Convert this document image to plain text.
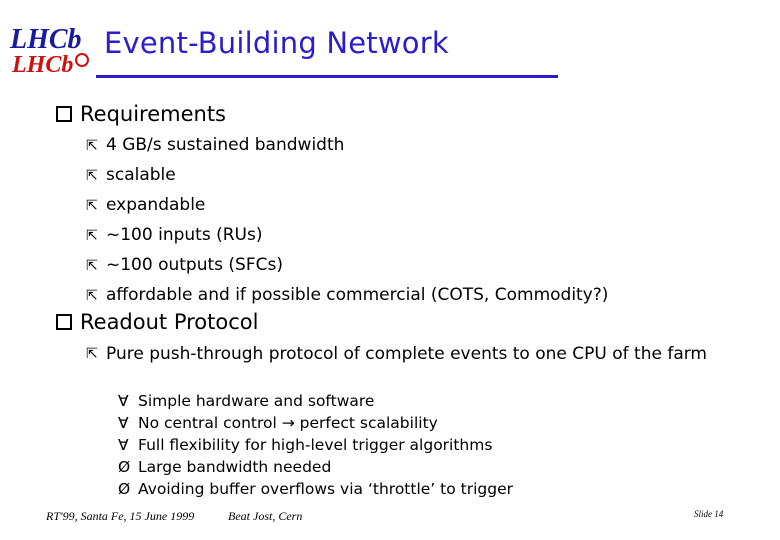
LHCb
LHCb
Event-Building Network
Requirements
⇱ 4 GB/s sustained bandwidth
⇱ scalable
⇱ expandable
⇱ ~100 inputs (RUs)
⇱ ~100 outputs (SFCs)
⇱ affordable and if possible commercial (COTS, Commodity?)
Readout Protocol
⇱ Pure push-through protocol of complete events to one CPU of the farm
Ɐ Simple hardware and software
Ɐ No central control → perfect scalability
Ɐ Full flexibility for high-level trigger algorithms
Ø Large bandwidth needed
Ø Avoiding buffer overflows via ‘throttle’ to trigger
RT'99, Santa Fe, 15 June 1999	Beat Jost, Cern	Slide 14
